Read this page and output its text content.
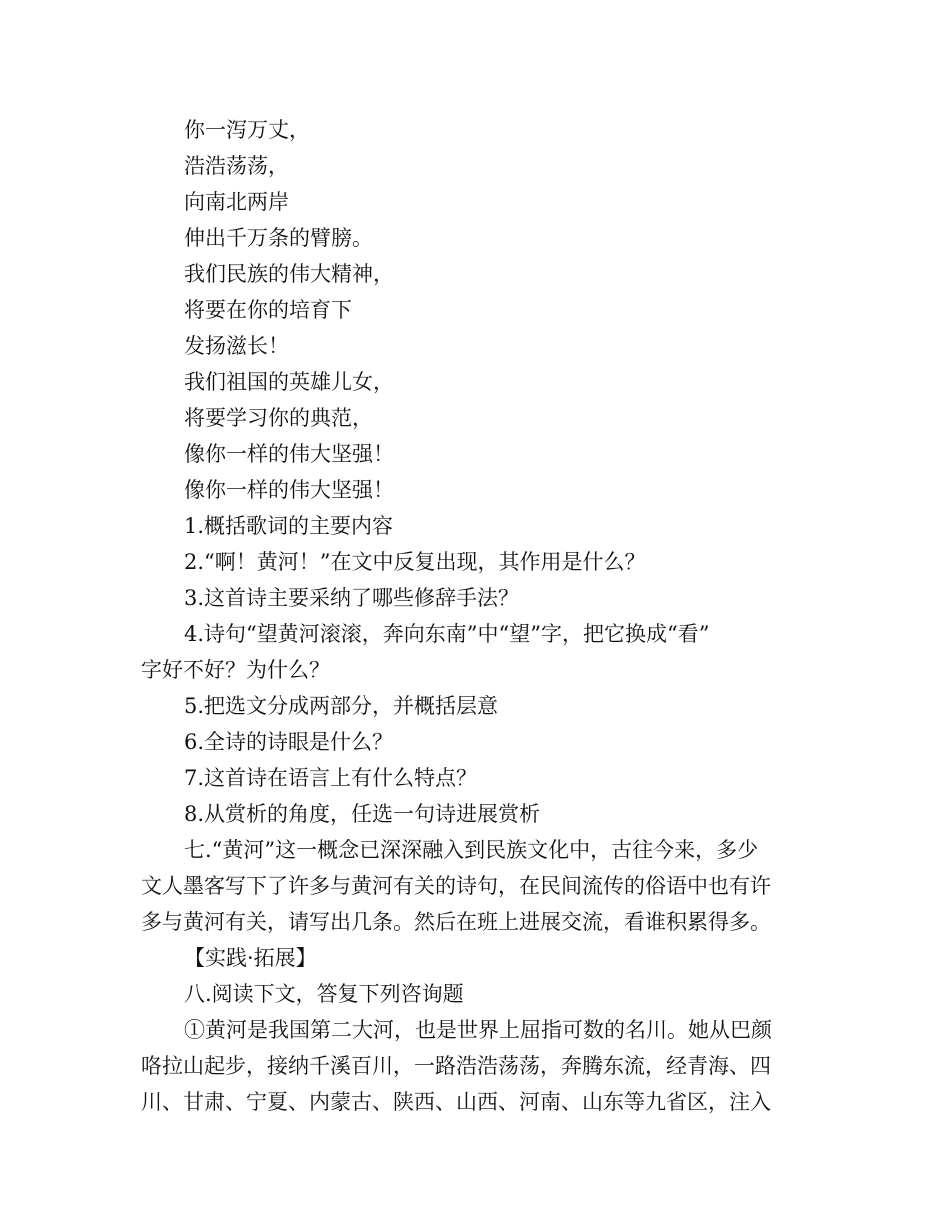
你一泻万丈，

浩浩荡荡，

向南北两岸

伸出千万条的臂膀。

我们民族的伟大精神，

将要在你的培育下

发扬滋长！

我们祖国的英雄儿女，

将要学习你的典范，

像你一样的伟大坚强！

像你一样的伟大坚强！

1.概括歌词的主要内容

2.“啊！黄河！”在文中反复出现，其作用是什么？

3.这首诗主要采纳了哪些修辞手法？

4.诗句“望黄河滚滚，奔向东南”中“望”字，把它换成“看”

字好不好？为什么？

5.把选文分成两部分，并概括层意

6.全诗的诗眼是什么？

7.这首诗在语言上有什么特点？

8.从赏析的角度，任选一句诗进展赏析

七.“黄河”这一概念已深深融入到民族文化中，古往今来，多少

文人墨客写下了许多与黄河有关的诗句，在民间流传的俗语中也有许

多与黄河有关，请写出几条。然后在班上进展交流，看谁积累得多。

【实践·拓展】

八.阅读下文，答复下列咨询题

①黄河是我国第二大河，也是世界上屈指可数的名川。她从巴颜

咯拉山起步，接纳千溪百川，一路浩浩荡荡，奔腾东流，经青海、四

川、甘肃、宁夏、内蒙古、陕西、山西、河南、山东等九省区，注入
